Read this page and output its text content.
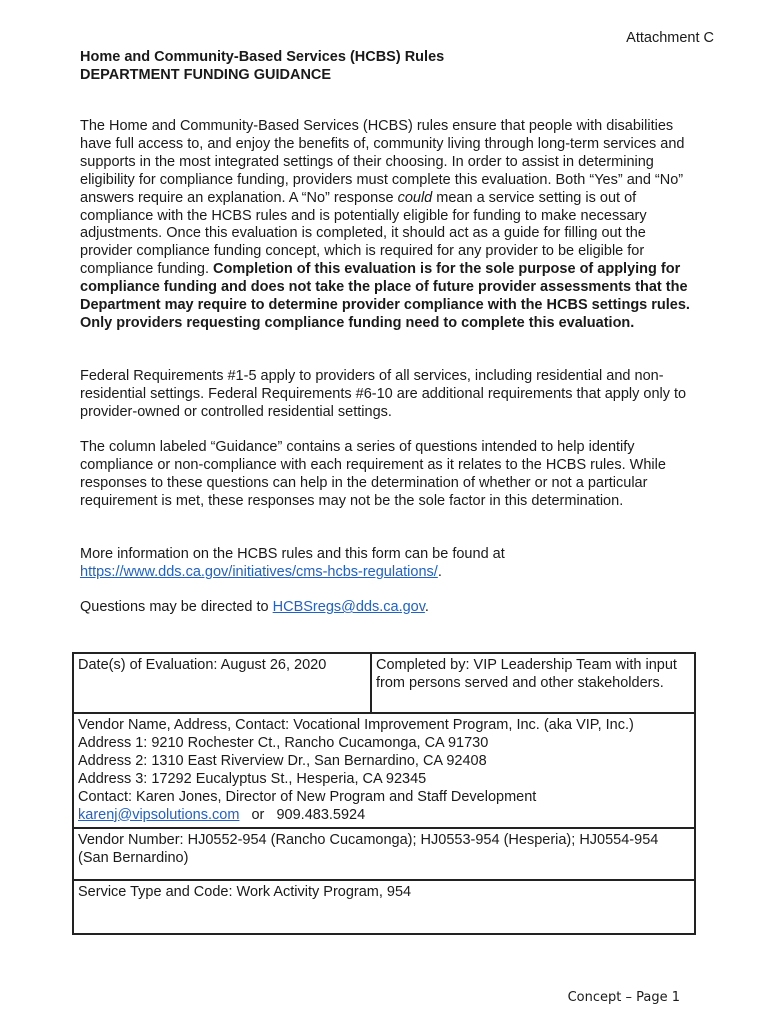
Attachment C
Home and Community-Based Services (HCBS) Rules
DEPARTMENT FUNDING GUIDANCE
The Home and Community-Based Services (HCBS) rules ensure that people with disabilities have full access to, and enjoy the benefits of, community living through long-term services and supports in the most integrated settings of their choosing. In order to assist in determining eligibility for compliance funding, providers must complete this evaluation. Both “Yes” and “No” answers require an explanation. A “No” response could mean a service setting is out of compliance with the HCBS rules and is potentially eligible for funding to make necessary adjustments. Once this evaluation is completed, it should act as a guide for filling out the provider compliance funding concept, which is required for any provider to be eligible for compliance funding. Completion of this evaluation is for the sole purpose of applying for compliance funding and does not take the place of future provider assessments that the Department may require to determine provider compliance with the HCBS settings rules. Only providers requesting compliance funding need to complete this evaluation.
Federal Requirements #1-5 apply to providers of all services, including residential and non-residential settings. Federal Requirements #6-10 are additional requirements that apply only to provider-owned or controlled residential settings.
The column labeled “Guidance” contains a series of questions intended to help identify compliance or non-compliance with each requirement as it relates to the HCBS rules. While responses to these questions can help in the determination of whether or not a particular requirement is met, these responses may not be the sole factor in this determination.
More information on the HCBS rules and this form can be found at https://www.dds.ca.gov/initiatives/cms-hcbs-regulations/.
Questions may be directed to HCBSregs@dds.ca.gov.
Date(s) of Evaluation: August 26, 2020	Completed by: VIP Leadership Team with input from persons served and other stakeholders.

Vendor Name, Address, Contact: Vocational Improvement Program, Inc. (aka VIP, Inc.)
Address 1: 9210 Rochester Ct., Rancho Cucamonga, CA 91730
Address 2: 1310 East Riverview Dr., San Bernardino, CA 92408
Address 3: 17292 Eucalyptus St., Hesperia, CA 92345
Contact: Karen Jones, Director of New Program and Staff Development
karenj@vipsolutions.com   or   909.483.5924

Vendor Number: HJ0552-954 (Rancho Cucamonga); HJ0553-954 (Hesperia); HJ0554-954 (San Bernardino)
Service Type and Code: Work Activity Program, 954
Concept – Page 1
